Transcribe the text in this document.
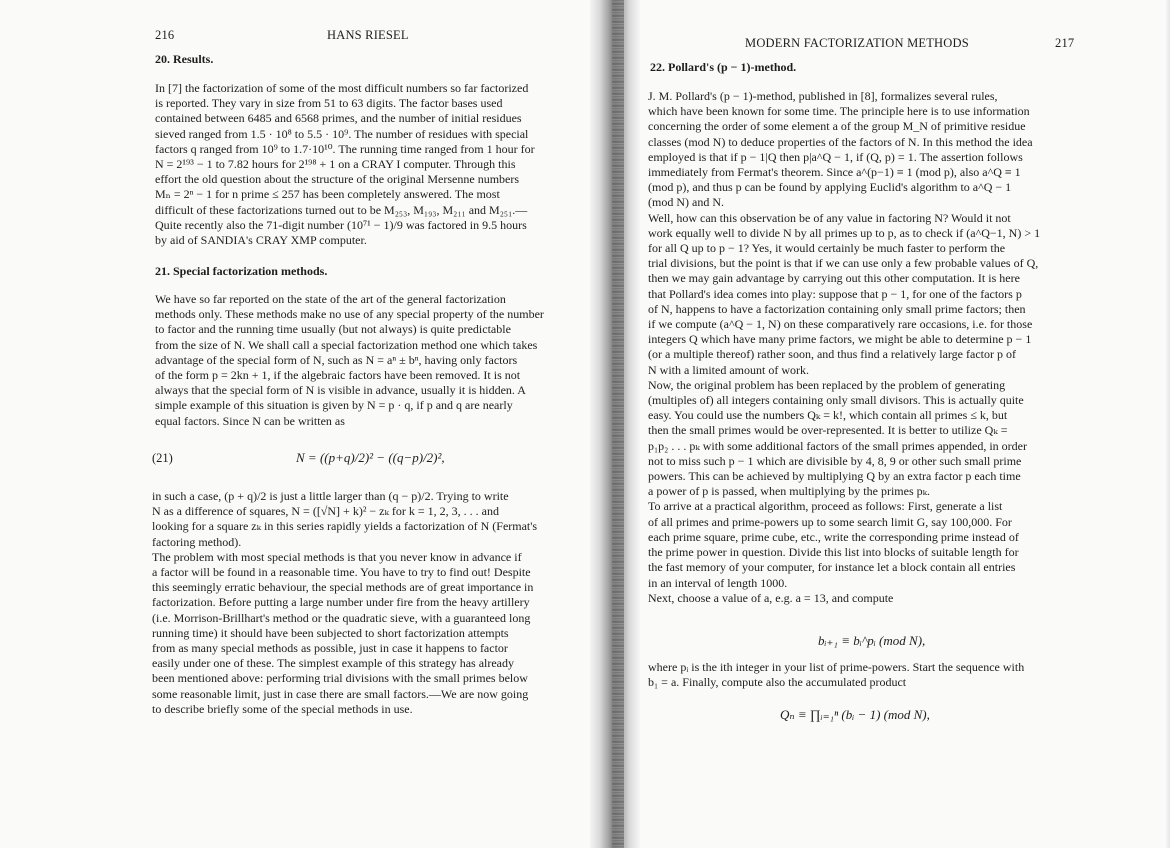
216	HANS RIESEL
20. Results.
In [7] the factorization of some of the most difficult numbers so far factorized
is reported. They vary in size from 51 to 63 digits. The factor bases used
contained between 6485 and 6568 primes, and the number of initial residues
sieved ranged from 1.5 · 10⁸ to 5.5 · 10⁹. The number of residues with special
factors q ranged from 10⁹ to 1.7·10¹⁰. The running time ranged from 1 hour for
N = 2¹⁹³ − 1 to 7.82 hours for 2¹⁹⁸ + 1 on a CRAY I computer. Through this
effort the old question about the structure of the original Mersenne numbers
Mₙ = 2ⁿ − 1 for n prime ≤ 257 has been completely answered. The most
difficult of these factorizations turned out to be M₂₅₃, M₁₉₃, M₂₁₁ and M₂₅₁.—
Quite recently also the 71-digit number (10⁷¹ − 1)/9 was factored in 9.5 hours
by aid of SANDIA's CRAY XMP computer.
21. Special factorization methods.
We have so far reported on the state of the art of the general factorization
methods only. These methods make no use of any special property of the number
to factor and the running time usually (but not always) is quite predictable
from the size of N. We shall call a special factorization method one which takes
advantage of the special form of N, such as N = aⁿ ± bⁿ, having only factors
of the form p = 2kn + 1, if the algebraic factors have been removed. It is not
always that the special form of N is visible in advance, usually it is hidden. A
simple example of this situation is given by N = p · q, if p and q are nearly
equal factors. Since N can be written as
(21)	N = ((p+q)/2)² − ((q−p)/2)²,
in such a case, (p + q)/2 is just a little larger than (q − p)/2. Trying to write
N as a difference of squares, N = ([√N] + k)² − zₖ for k = 1, 2, 3, . . . and
looking for a square zₖ in this series rapidly yields a factorization of N (Fermat's
factoring method).
The problem with most special methods is that you never know in advance if
a factor will be found in a reasonable time. You have to try to find out! Despite
this seemingly erratic behaviour, the special methods are of great importance in
factorization. Before putting a large number under fire from the heavy artillery
(i.e. Morrison-Brillhart's method or the quadratic sieve, with a guaranteed long
running time) it should have been subjected to short factorization attempts
from as many special methods as possible, just in case it happens to factor
easily under one of these. The simplest example of this strategy has already
been mentioned above: performing trial divisions with the small primes below
some reasonable limit, just in case there are small factors.—We are now going
to describe briefly some of the special methods in use.
MODERN FACTORIZATION METHODS	217
22. Pollard's (p − 1)-method.
J. M. Pollard's (p − 1)-method, published in [8], formalizes several rules,
which have been known for some time. The principle here is to use information
concerning the order of some element a of the group M_N of primitive residue
classes (mod N) to deduce properties of the factors of N. In this method the idea
employed is that if p − 1|Q then p|a^Q − 1, if (Q, p) = 1. The assertion follows
immediately from Fermat's theorem. Since a^(p−1) ≡ 1 (mod p), also a^Q ≡ 1
(mod p), and thus p can be found by applying Euclid's algorithm to a^Q − 1
(mod N) and N.
Well, how can this observation be of any value in factoring N? Would it not
work equally well to divide N by all primes up to p, as to check if (a^Q−1, N) > 1
for all Q up to p − 1? Yes, it would certainly be much faster to perform the
trial divisions, but the point is that if we can use only a few probable values of Q,
then we may gain advantage by carrying out this other computation. It is here
that Pollard's idea comes into play: suppose that p − 1, for one of the factors p
of N, happens to have a factorization containing only small prime factors; then
if we compute (a^Q − 1, N) on these comparatively rare occasions, i.e. for those
integers Q which have many prime factors, we might be able to determine p − 1
(or a multiple thereof) rather soon, and thus find a relatively large factor p of
N with a limited amount of work.
Now, the original problem has been replaced by the problem of generating
(multiples of) all integers containing only small divisors. This is actually quite
easy. You could use the numbers Qₖ = k!, which contain all primes ≤ k, but
then the small primes would be over-represented. It is better to utilize Qₖ =
p₁p₂ . . . pₖ with some additional factors of the small primes appended, in order
not to miss such p − 1 which are divisible by 4, 8, 9 or other such small prime
powers. This can be achieved by multiplying Q by an extra factor p each time
a power of p is passed, when multiplying by the primes pₖ.
To arrive at a practical algorithm, proceed as follows: First, generate a list
of all primes and prime-powers up to some search limit G, say 100,000. For
each prime square, prime cube, etc., write the corresponding prime instead of
the prime power in question. Divide this list into blocks of suitable length for
the fast memory of your computer, for instance let a block contain all entries
in an interval of length 1000.
Next, choose a value of a, e.g. a = 13, and compute
bᵢ₊₁ ≡ bᵢ^pᵢ (mod N),
where pᵢ is the ith integer in your list of prime-powers. Start the sequence with
b₁ = a. Finally, compute also the accumulated product
Qₙ ≡ ∏ᵢ₌₁ⁿ (bᵢ − 1) (mod N),
